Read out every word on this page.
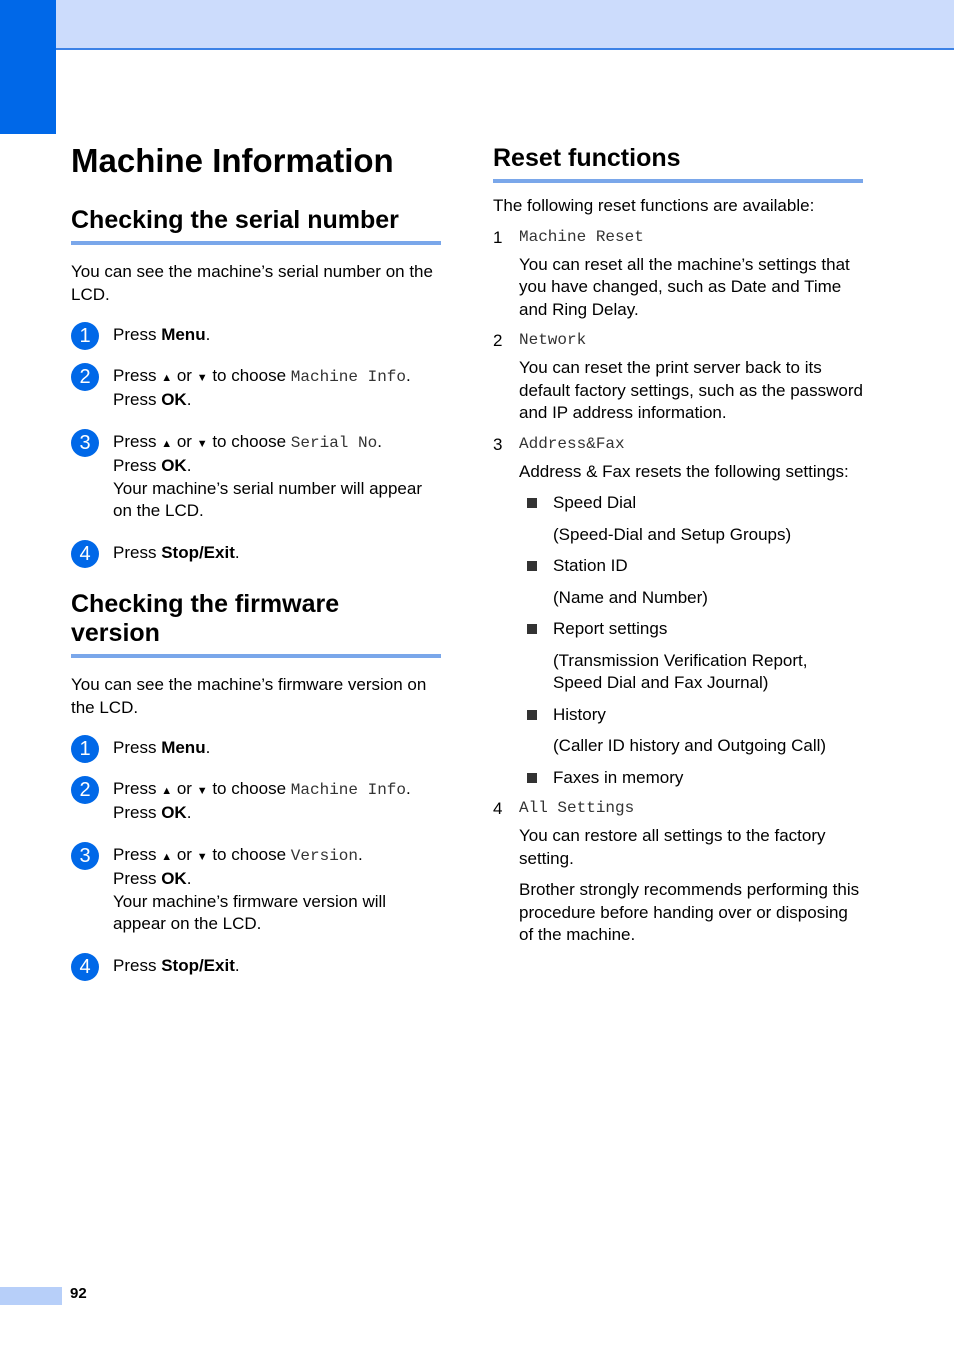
Machine Information
Checking the serial number

You can see the machine’s serial number on the LCD.

1	Press Menu.
2	Press ▲ or ▼ to choose Machine Info.
Press OK.
3	Press ▲ or ▼ to choose Serial No.
Press OK.
Your machine’s serial number will appear on the LCD.
4	Press Stop/Exit.
Checking the firmware version

You can see the machine’s firmware version on the LCD.

1	Press Menu.
2	Press ▲ or ▼ to choose Machine Info.
Press OK.
3	Press ▲ or ▼ to choose Version.
Press OK.
Your machine’s firmware version will appear on the LCD.
4	Press Stop/Exit.
Reset functions

The following reset functions are available:

1 Machine Reset

You can reset all the machine’s settings that you have changed, such as Date and Time and Ring Delay.

2 Network

You can reset the print server back to its default factory settings, such as the password and IP address information.

3 Address&Fax

Address & Fax resets the following settings:

Speed Dial
(Speed-Dial and Setup Groups)
Station ID
(Name and Number)
Report settings
(Transmission Verification Report, Speed Dial and Fax Journal)
History
(Caller ID history and Outgoing Call)
Faxes in memory
4 All Settings

You can restore all settings to the factory setting.

Brother strongly recommends performing this procedure before handing over or disposing of the machine.

92
